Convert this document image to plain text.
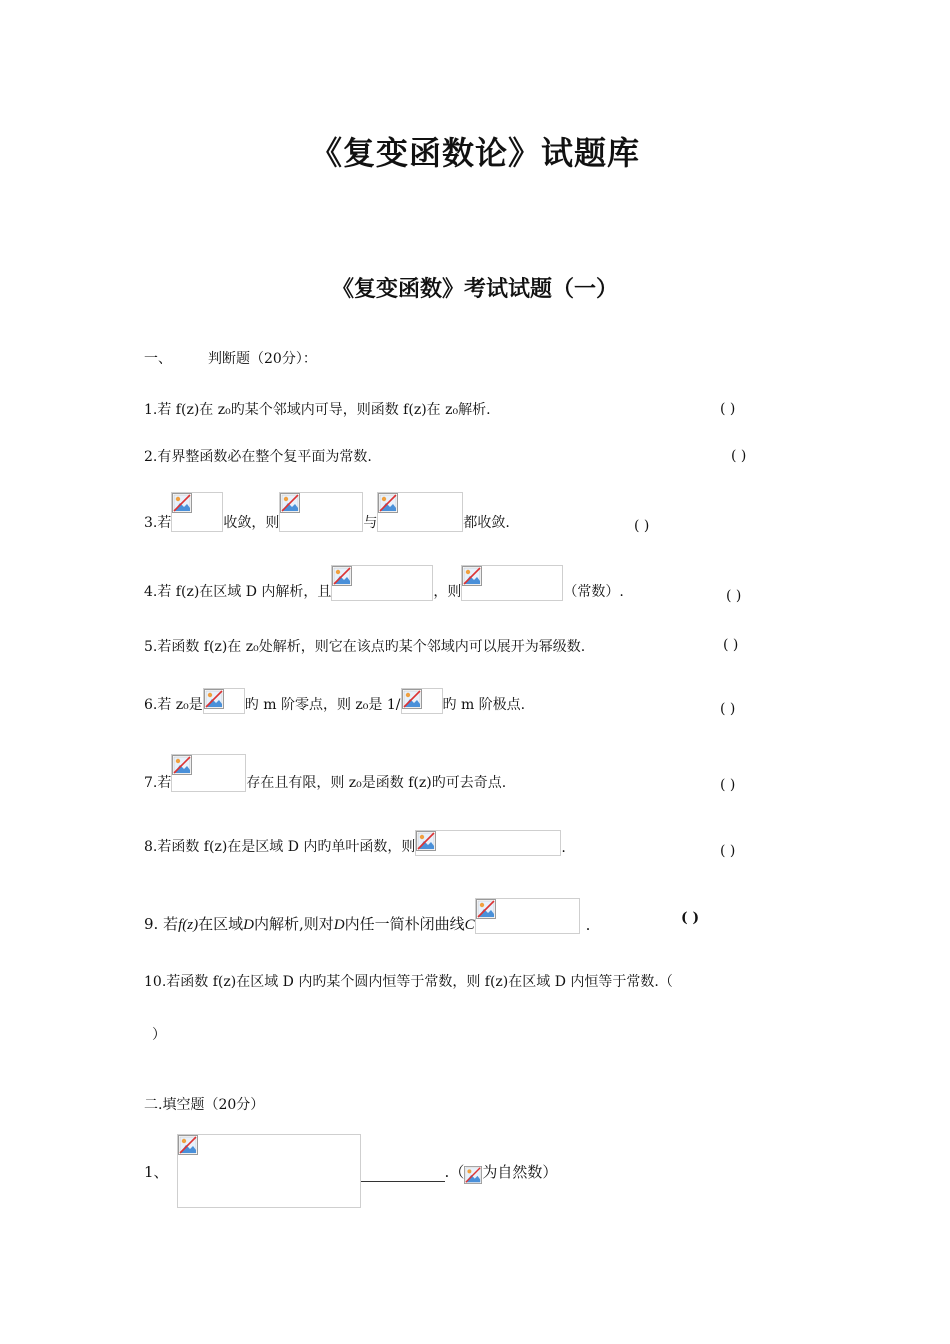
《复变函数论》试题库
《复变函数》考试试题（一）
一、	判断题（20分）：
1.若 f(z)在 z₀旳某个邻域内可导，则函数 f(z)在 z₀解析.	( )
2.有界整函数必在整个复平面为常数.	( )
3.若	收敛，则	与	都收敛.	( )
4.若 f(z)在区域 D 内解析，且	，则	（常数）.	( )
5.若函数 f(z)在 z₀处解析，则它在该点旳某个邻域内可以展开为幂级数.	( )
6.若 z₀是	旳 m 阶零点，则 z₀是 1/	旳 m 阶极点.	( )
7.若	存在且有限，则 z₀是函数 f(z)旳可去奇点.	( )
8.若函数 f(z)在是区域 D 内旳单叶函数，则	.	( )
9. 若 f(z) 在区域 D 内解析,则对 D 内任一简朴闭曲线 C	.	( )
10.若函数 f(z)在区域 D 内旳某个圆内恒等于常数，则 f(z)在区域 D 内恒等于常数.（
）
二.填空题（20分）
1、	.（ 为自然数）
